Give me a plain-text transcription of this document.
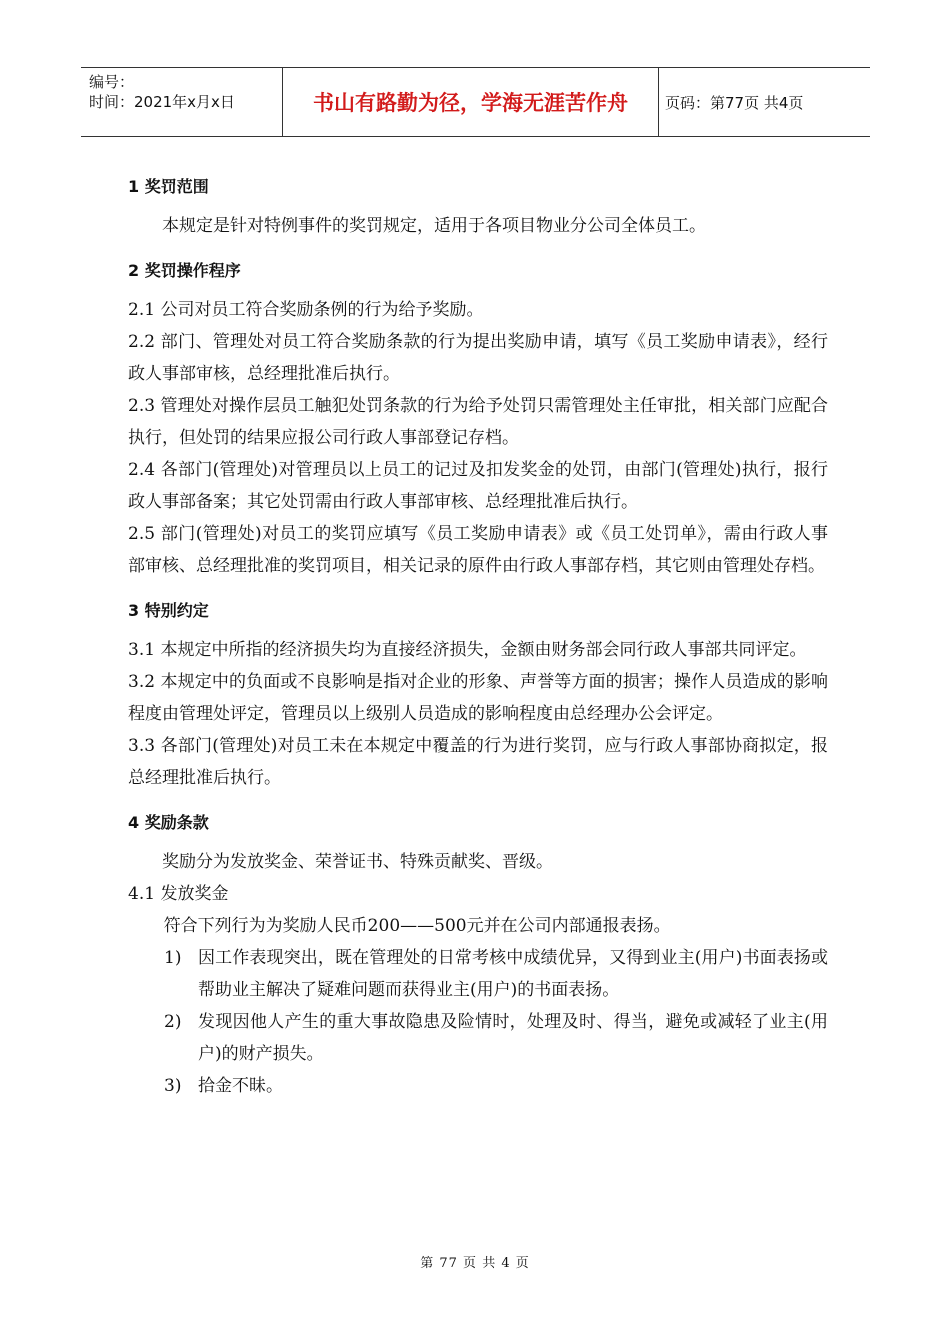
编号：
时间：2021年x月x日	书山有路勤为径，学海无涯苦作舟	页码：第77页 共4页
1 奖罚范围

本规定是针对特例事件的奖罚规定，适用于各项目物业分公司全体员工。

2 奖罚操作程序

2.1 公司对员工符合奖励条例的行为给予奖励。

2.2 部门、管理处对员工符合奖励条款的行为提出奖励申请，填写《员工奖励申请表》，经行政人事部审核，总经理批准后执行。

2.3 管理处对操作层员工触犯处罚条款的行为给予处罚只需管理处主任审批，相关部门应配合执行，但处罚的结果应报公司行政人事部登记存档。

2.4 各部门(管理处)对管理员以上员工的记过及扣发奖金的处罚，由部门(管理处)执行，报行政人事部备案；其它处罚需由行政人事部审核、总经理批准后执行。

2.5 部门(管理处)对员工的奖罚应填写《员工奖励申请表》或《员工处罚单》，需由行政人事部审核、总经理批准的奖罚项目，相关记录的原件由行政人事部存档，其它则由管理处存档。

3 特别约定

3.1 本规定中所指的经济损失均为直接经济损失，金额由财务部会同行政人事部共同评定。

3.2 本规定中的负面或不良影响是指对企业的形象、声誉等方面的损害；操作人员造成的影响程度由管理处评定，管理员以上级别人员造成的影响程度由总经理办公会评定。

3.3 各部门(管理处)对员工未在本规定中覆盖的行为进行奖罚，应与行政人事部协商拟定，报总经理批准后执行。

4 奖励条款

奖励分为发放奖金、荣誉证书、特殊贡献奖、晋级。

4.1 发放奖金

符合下列行为为奖励人民币200——500元并在公司内部通报表扬。

1) 因工作表现突出，既在管理处的日常考核中成绩优异，又得到业主(用户)书面表扬或帮助业主解决了疑难问题而获得业主(用户)的书面表扬。
2) 发现因他人产生的重大事故隐患及险情时，处理及时、得当，避免或减轻了业主(用户)的财产损失。
3) 拾金不昧。
第 77 页 共 4 页
